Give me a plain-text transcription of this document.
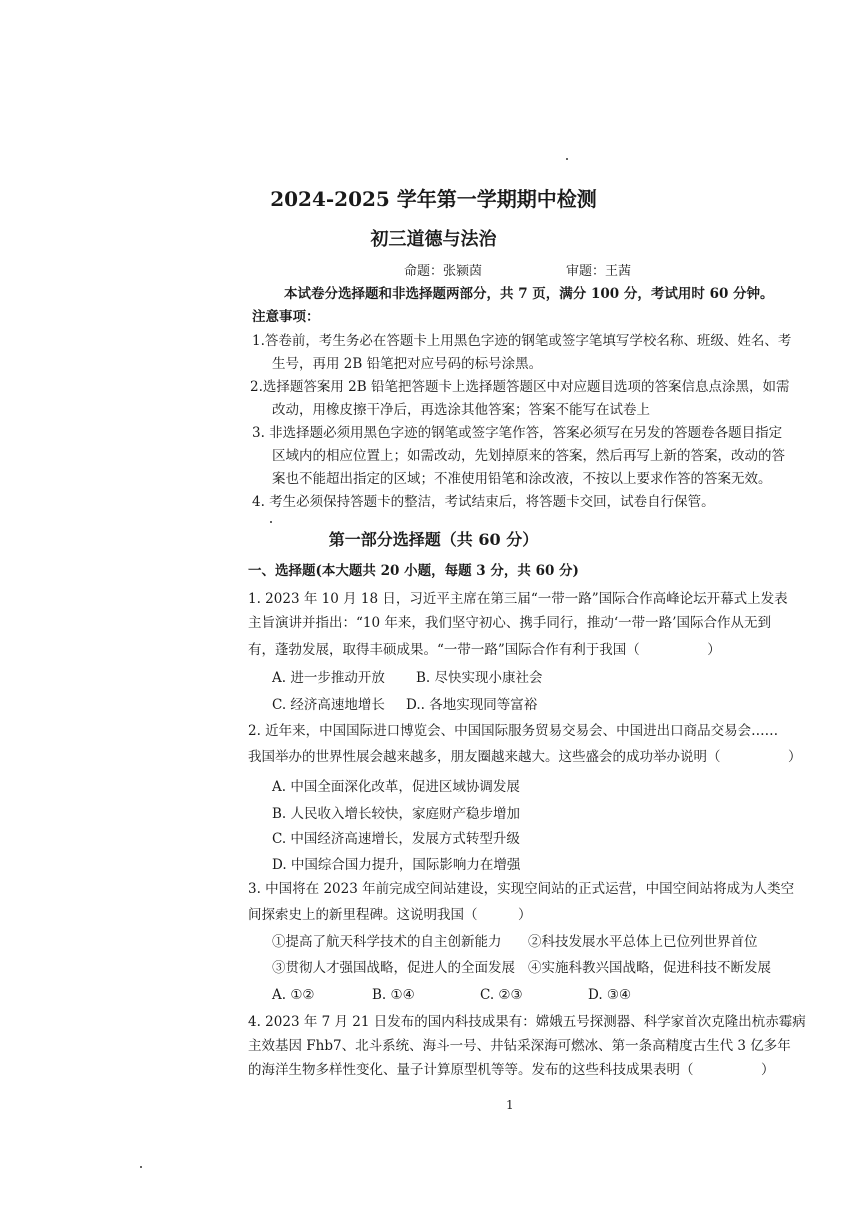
2024-2025 学年第一学期期中检测
初三道德与法治
命题：张颍茵	审题：王茜
本试卷分选择题和非选择题两部分，共 7 页，满分 100 分，考试用时 60 分钟。
注意事项：
1.答卷前，考生务必在答题卡上用黑色字迹的钢笔或签字笔填写学校名称、班级、姓名、考
生号，再用 2B 铅笔把对应号码的标号涂黑。
2.选择题答案用 2B 铅笔把答题卡上选择题答题区中对应题目选项的答案信息点涂黑，如需
改动，用橡皮擦干净后，再选涂其他答案；答案不能写在试卷上
3. 非选择题必须用黑色字迹的钢笔或签字笔作答，答案必须写在另发的答题卷各题目指定
区域内的相应位置上；如需改动，先划掉原来的答案，然后再写上新的答案，改动的答
案也不能超出指定的区域；不准使用铅笔和涂改液，不按以上要求作答的答案无效。
4. 考生必须保持答题卡的整洁，考试结束后，将答题卡交回，试卷自行保管。
第一部分选择题（共 60 分）
一、选择题(本大题共 20 小题，每题 3 分，共 60 分)
1. 2023 年 10 月 18 日，习近平主席在第三届“一带一路”国际合作高峰论坛开幕式上发表
主旨演讲并指出：“10 年来，我们坚守初心、携手同行，推动‘一带一路’国际合作从无到
有，蓬勃发展，取得丰硕成果。“一带一路”国际合作有利于我国（　　　　　）
A. 进一步推动开放 B. 尽快实现小康社会
C. 经济高速地增长 D.. 各地实现同等富裕
2. 近年来，中国国际进口博览会、中国国际服务贸易交易会、中国进出口商品交易会……
我国举办的世界性展会越来越多，朋友圈越来越大。这些盛会的成功举办说明（　　　　　）
A. 中国全面深化改革，促进区域协调发展
B. 人民收入增长较快，家庭财产稳步增加
C. 中国经济高速增长，发展方式转型升级
D. 中国综合国力提升，国际影响力在增强
3. 中国将在 2023 年前完成空间站建设，实现空间站的正式运营，中国空间站将成为人类空
间探索史上的新里程碑。这说明我国（　　　）
①提高了航天科学技术的自主创新能力 ②科技发展水平总体上已位列世界首位
③贯彻人才强国战略，促进人的全面发展 ④实施科教兴国战略，促进科技不断发展
A. ①②	B. ①④	C. ②③	D. ③④
4. 2023 年 7 月 21 日发布的国内科技成果有：嫦娥五号探测器、科学家首次克隆出杭赤霉病
主效基因 Fhb7、北斗系统、海斗一号、井钻采深海可燃冰、第一条高精度古生代 3 亿多年
的海洋生物多样性变化、量子计算原型机等等。发布的这些科技成果表明（　　　　　）
1
